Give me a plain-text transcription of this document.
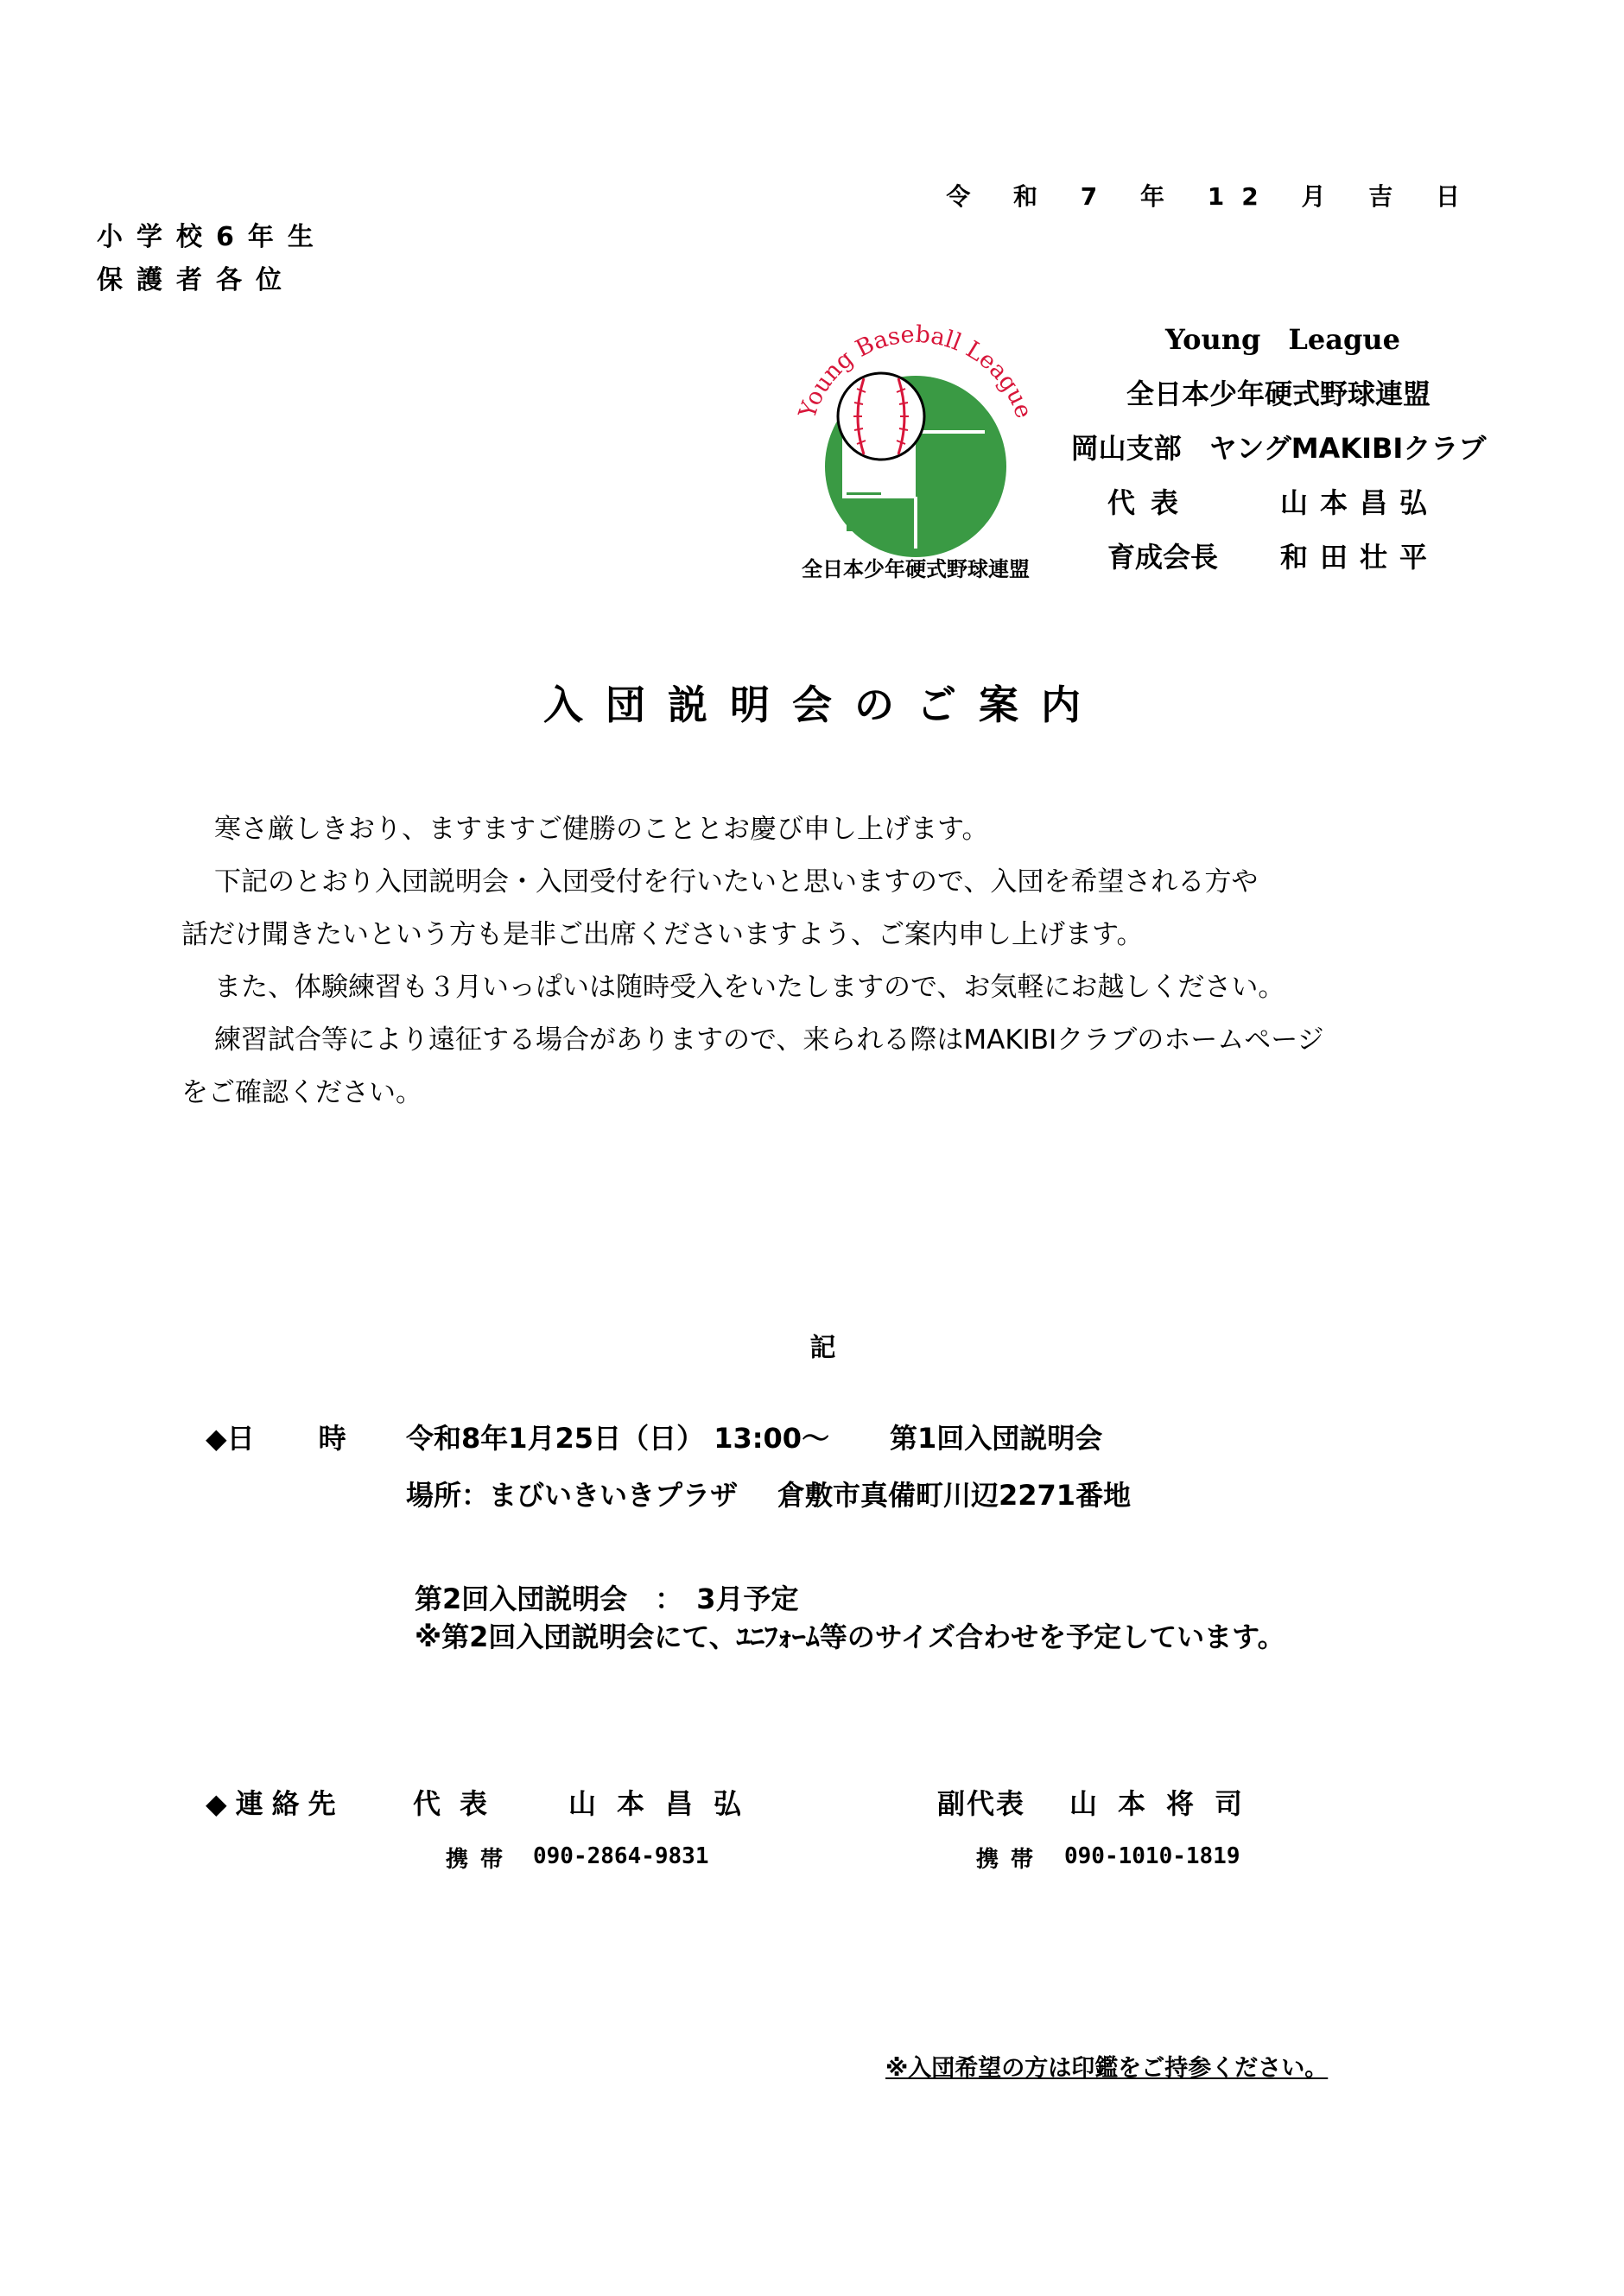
令 和 7 年 12 月 吉 日
小学校6年生
保護者各位
Young Baseball League
全日本少年硬式野球連盟
Young　League
全日本少年硬式野球連盟
岡山支部　ヤングMAKIBIクラブ
代表	山本昌弘
育成会長 和田壮平
入団説明会のご案内

寒さ厳しきおり、ますますご健勝のこととお慶び申し上げます。

下記のとおり入団説明会・入団受付を行いたいと思いますので、入団を希望される方や

話だけ聞きたいという方も是非ご出席くださいますよう、ご案内申し上げます。

また、体験練習も３月いっぱいは随時受入をいたしますので、お気軽にお越しください。

練習試合等により遠征する場合がありますので、来られる際はMAKIBIクラブのホームページ

をご確認ください。

記
◆日 時 令和8年1月25日（日） 13:00～ 第1回入団説明会
場所：まびいきいきプラザ 倉敷市真備町川辺2271番地
第2回入団説明会　：　3月予定
※第2回入団説明会にて、ﾕﾆﾌｫｰﾑ等のサイズ合わせを予定しています。
◆連絡先 代表 山本昌弘	副代表 山本将司
携帯 090-2864-9831	携帯 090-1010-1819
※入団希望の方は印鑑をご持参ください。
